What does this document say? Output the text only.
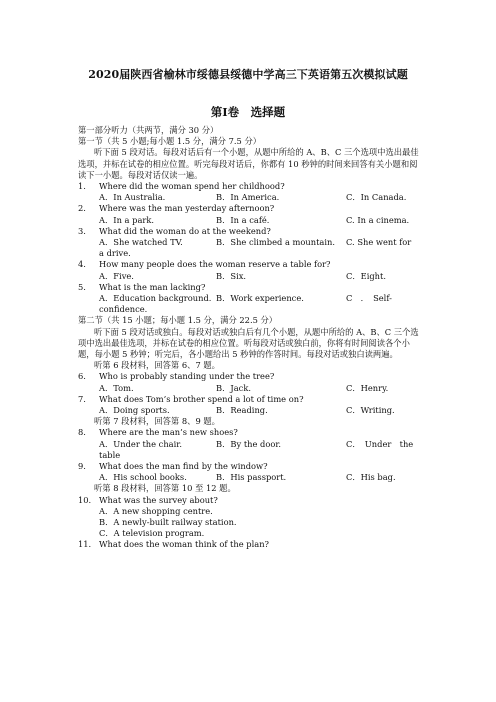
2020届陕西省榆林市绥德县绥德中学高三下英语第五次模拟试题
第Ⅰ卷　选择题
第一部分听力（共两节，满分 30 分）
第一节（共 5 小题;每小题 1.5 分，满分 7.5 分）
听下面 5 段对话。每段对话后有一个小题，从题中所给的 A、B、C 三个选项中选出最佳选项，并标在试卷的相应位置。听完每段对话后，你都有 10 秒钟的时间来回答有关小题和阅读下一小题。每段对话仅读一遍。
1. Where did the woman spend her childhood?
A．In Australia.	B．In America.	C．In Canada.
2. Where was the man yesterday afternoon?
A．In a park.	B．In a café.	C. In a cinema.
3. What did the woman do at the weekend?
A．She watched TV.	B．She climbed a mountain. C. She went for
a drive.
4. How many people does the woman reserve a table for?
A．Five.	B．Six.	C．Eight.
5. What is the man lacking?
A．Education background. B．Work experience.	C　．　Self-
confidence.
第二节（共 15 小题；每小题 1.5 分，满分 22.5 分）
听下面 5 段对话或独白。每段对话或独白后有几个小题，从题中所给的 A、B、C 三个选项中选出最佳选项，并标在试卷的相应位置。听每段对话或独白前，你将有时间阅读各个小题，每小题 5 秒钟；听完后，各小题给出 5 秒钟的作答时间。每段对话或独白读两遍。
听第 6 段材料，回答第 6、7 题。
6. Who is probably standing under the tree?
A．Tom.	B．Jack.	C．Henry.
7. What does Tom’s brother spend a lot of time on?
A．Doing sports.	B．Reading.	C．Writing.
听第 7 段材料，回答第 8、9 题。
8. Where are the man’s new shoes?
A．Under the chair.	B．By the door.	C．　Under　the
table
9. What does the man find by the window?
A．His school books.	B．His passport.	C．His bag.
听第 8 段材料，回答第 10 至 12 题。
10. What was the survey about?
A．A new shopping centre.
B．A newly-built railway station.
C．A television program.
11. What does the woman think of the plan?
